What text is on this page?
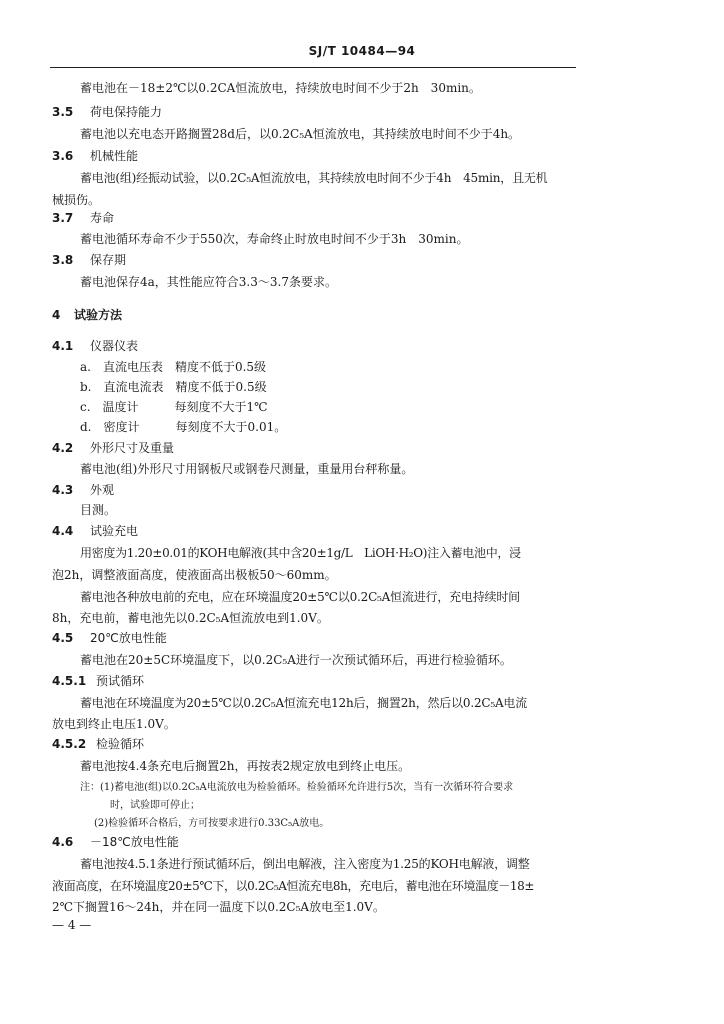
SJ/T 10484—94
蓄电池在－18±2℃以0.2CA恒流放电，持续放电时间不少于2h　30min。
3.5 荷电保持能力
蓄电池以充电态开路搁置28d后，以0.2C₅A恒流放电，其持续放电时间不少于4h。
3.6 机械性能
蓄电池(组)经振动试验，以0.2C₅A恒流放电，其持续放电时间不少于4h　45min，且无机
械损伤。
3.7 寿命
蓄电池循环寿命不少于550次，寿命终止时放电时间不少于3h　30min。
3.8 保存期
蓄电池保存4a，其性能应符合3.3～3.7条要求。
4 试验方法
4.1 仪器仪表
a.　直流电压表　精度不低于0.5级
b.　直流电流表　精度不低于0.5级
c.　温度计　　　每刻度不大于1℃
d.　密度计　　　每刻度不大于0.01。
4.2 外形尺寸及重量
蓄电池(组)外形尺寸用钢板尺或钢卷尺测量，重量用台秤称量。
4.3 外观
目测。
4.4 试验充电
用密度为1.20±0.01的KOH电解液(其中含20±1g/L　LiOH·H₂O)注入蓄电池中，浸
泡2h，调整液面高度，使液面高出极板50～60mm。
蓄电池各种放电前的充电，应在环境温度20±5℃以0.2C₅A恒流进行，充电持续时间
8h，充电前，蓄电池先以0.2C₅A恒流放电到1.0V。
4.5 20℃放电性能
蓄电池在20±5C环境温度下，以0.2C₅A进行一次预试循环后，再进行检验循环。
4.5.1 预试循环
蓄电池在环境温度为20±5℃以0.2C₅A恒流充电12h后，搁置2h，然后以0.2C₅A电流
放电到终止电压1.0V。
4.5.2 检验循环
蓄电池按4.4条充电后搁置2h，再按表2规定放电到终止电压。
注：(1)蓄电池(组)以0.2C₅A电流放电为检验循环。检验循环允许进行5次，当有一次循环符合要求
时，试验即可停止；
(2)检验循环合格后，方可按要求进行0.33C₅A放电。
4.6 －18℃放电性能
蓄电池按4.5.1条进行预试循环后，倒出电解液，注入密度为1.25的KOH电解液，调整
液面高度，在环境温度20±5℃下，以0.2C₅A恒流充电8h，充电后，蓄电池在环境温度－18±
2℃下搁置16～24h，并在同一温度下以0.2C₅A放电至1.0V。
— 4 —
